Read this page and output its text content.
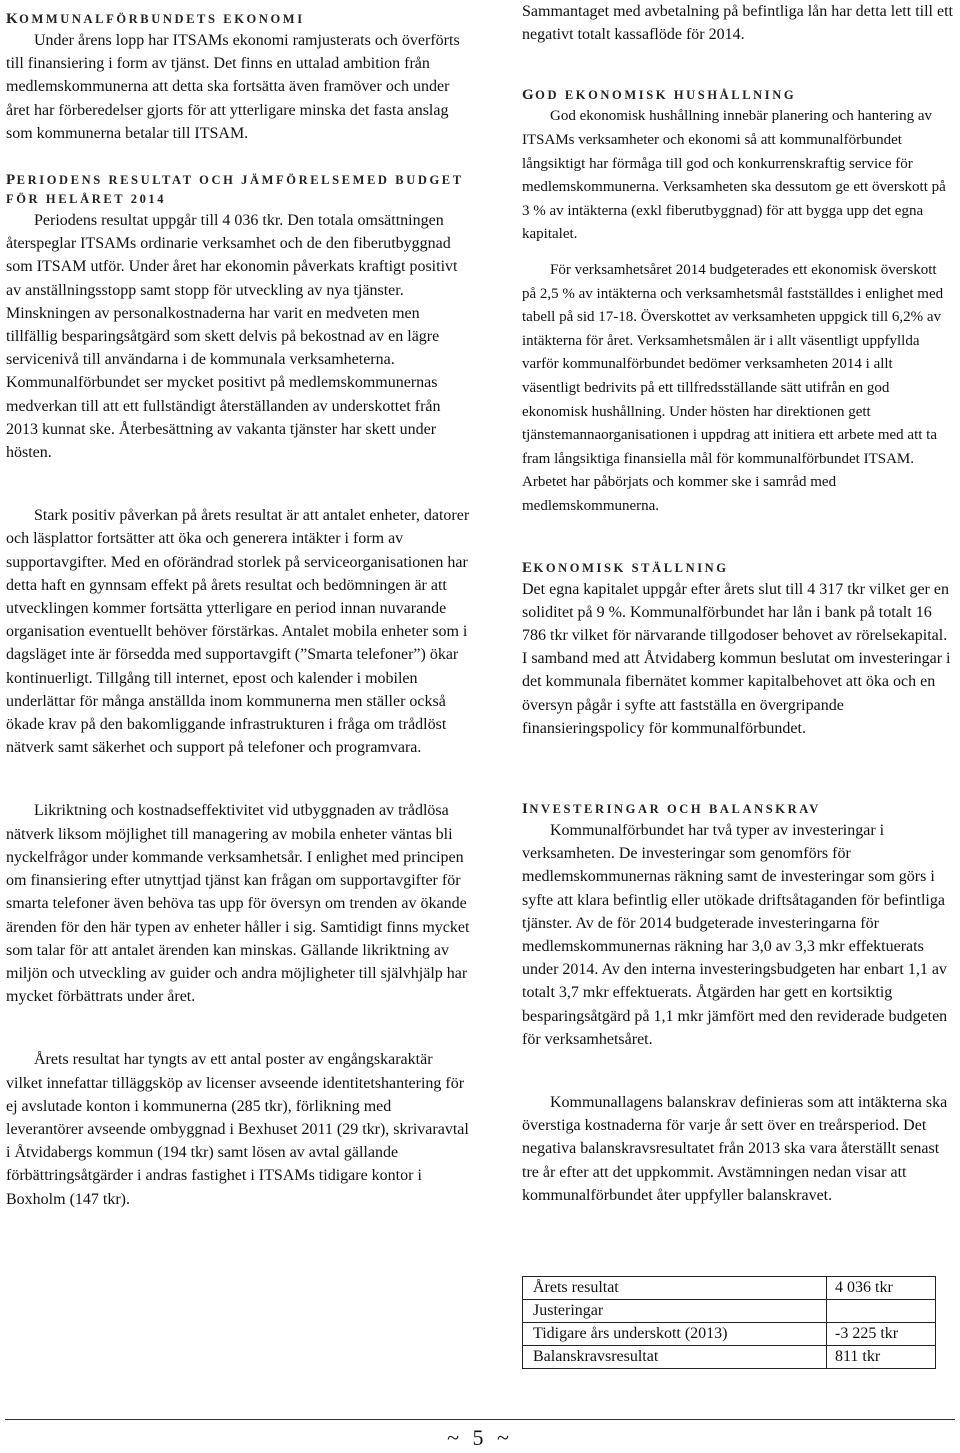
KOMMUNALFÖRBUNDETS EKONOMI

Under årens lopp har ITSAMs ekonomi ramjusterats och överförts till finansiering i form av tjänst. Det finns en uttalad ambition från medlemskommunerna att detta ska fortsätta även framöver och under året har förberedelser gjorts för att ytterligare minska det fasta anslag som kommunerna betalar till ITSAM.

PERIODENS RESULTAT OCH JÄMFÖRELSEMED BUDGET FÖR HELÅRET 2014

Periodens resultat uppgår till 4 036 tkr. Den totala omsättningen återspeglar ITSAMs ordinarie verksamhet och de den fiberutbyggnad som ITSAM utför. Under året har ekonomin påverkats kraftigt positivt av anställningsstopp samt stopp för utveckling av nya tjänster. Minskningen av personalkostnaderna har varit en medveten men tillfällig besparingsåtgärd som skett delvis på bekostnad av en lägre servicenivå till användarna i de kommunala verksamheterna. Kommunalförbundet ser mycket positivt på medlemskommunernas medverkan till att ett fullständigt återställanden av underskottet från 2013 kunnat ske. Återbesättning av vakanta tjänster har skett under hösten.

Stark positiv påverkan på årets resultat är att antalet enheter, datorer och läsplattor fortsätter att öka och generera intäkter i form av supportavgifter. Med en oförändrad storlek på serviceorganisationen har detta haft en gynnsam effekt på årets resultat och bedömningen är att utvecklingen kommer fortsätta ytterligare en period innan nuvarande organisation eventuellt behöver förstärkas. Antalet mobila enheter som i dagsläget inte är försedda med supportavgift (”Smarta telefoner”) ökar kontinuerligt. Tillgång till internet, epost och kalender i mobilen underlättar för många anställda inom kommunerna men ställer också ökade krav på den bakomliggande infrastrukturen i fråga om trådlöst nätverk samt säkerhet och support på telefoner och programvara.

Likriktning och kostnadseffektivitet vid utbyggnaden av trådlösa nätverk liksom möjlighet till managering av mobila enheter väntas bli nyckelfrågor under kommande verksamhetsår. I enlighet med principen om finansiering efter utnyttjad tjänst kan frågan om supportavgifter för smarta telefoner även behöva tas upp för översyn om trenden av ökande ärenden för den här typen av enheter håller i sig. Samtidigt finns mycket som talar för att antalet ärenden kan minskas. Gällande likriktning av miljön och utveckling av guider och andra möjligheter till självhjälp har mycket förbättrats under året.

Årets resultat har tyngts av ett antal poster av engångskaraktär vilket innefattar tilläggsköp av licenser avseende identitetshantering för ej avslutade konton i kommunerna (285 tkr), förlikning med leverantörer avseende ombyggnad i Bexhuset 2011 (29 tkr), skrivaravtal i Åtvidabergs kommun (194 tkr) samt lösen av avtal gällande förbättringsåtgärder i andras fastighet i ITSAMs tidigare kontor i Boxholm (147 tkr).

Sammantaget med avbetalning på befintliga lån har detta lett till ett negativt totalt kassaflöde för 2014.

GOD EKONOMISK HUSHÅLLNING

God ekonomisk hushållning innebär planering och hantering av ITSAMs verksamheter och ekonomi så att kommunalförbundet långsiktigt har förmåga till god och konkurrenskraftig service för medlemskommunerna. Verksamheten ska dessutom ge ett överskott på 3 % av intäkterna (exkl fiberutbyggnad) för att bygga upp det egna kapitalet.

För verksamhetsåret 2014 budgeterades ett ekonomisk överskott på 2,5 % av intäkterna och verksamhetsmål fastställdes i enlighet med tabell på sid 17-18. Överskottet av verksamheten uppgick till 6,2% av intäkterna för året. Verksamhetsmålen är i allt väsentligt uppfyllda varför kommunalförbundet bedömer verksamheten 2014 i allt väsentligt bedrivits på ett tillfredsställande sätt utifrån en god ekonomisk hushållning. Under hösten har direktionen gett tjänstemannaorganisationen i uppdrag att initiera ett arbete med att ta fram långsiktiga finansiella mål för kommunalförbundet ITSAM. Arbetet har påbörjats och kommer ske i samråd med medlemskommunerna.

EKONOMISK STÄLLNING

Det egna kapitalet uppgår efter årets slut till 4 317 tkr vilket ger en soliditet på 9 %. Kommunalförbundet har lån i bank på totalt 16 786 tkr vilket för närvarande tillgodoser behovet av rörelsekapital. I samband med att Åtvidaberg kommun beslutat om investeringar i det kommunala fibernätet kommer kapitalbehovet att öka och en översyn pågår i syfte att fastställa en övergripande finansieringspolicy för kommunalförbundet.

INVESTERINGAR OCH BALANSKRAV

Kommunalförbundet har två typer av investeringar i verksamheten. De investeringar som genomförs för medlemskommunernas räkning samt de investeringar som görs i syfte att klara befintlig eller utökade driftsåtaganden för befintliga tjänster. Av de för 2014 budgeterade investeringarna för medlemskommunernas räkning har 3,0 av 3,3 mkr effektuerats under 2014. Av den interna investeringsbudgeten har enbart 1,1 av totalt 3,7 mkr effektuerats. Åtgärden har gett en kortsiktig besparingsåtgärd på 1,1 mkr jämfört med den reviderade budgeten för verksamhetsåret.

Kommunallagens balanskrav definieras som att intäkterna ska överstiga kostnaderna för varje år sett över en treårsperiod. Det negativa balanskravsresultatet från 2013 ska vara återställt senast tre år efter att det uppkommit. Avstämningen nedan visar att kommunalförbundet åter uppfyller balanskravet.

Årets resultat	4 036 tkr
Justeringar	
Tidigare års underskott (2013)	-3 225 tkr
Balanskravsresultat	811 tkr
~ 5 ~
